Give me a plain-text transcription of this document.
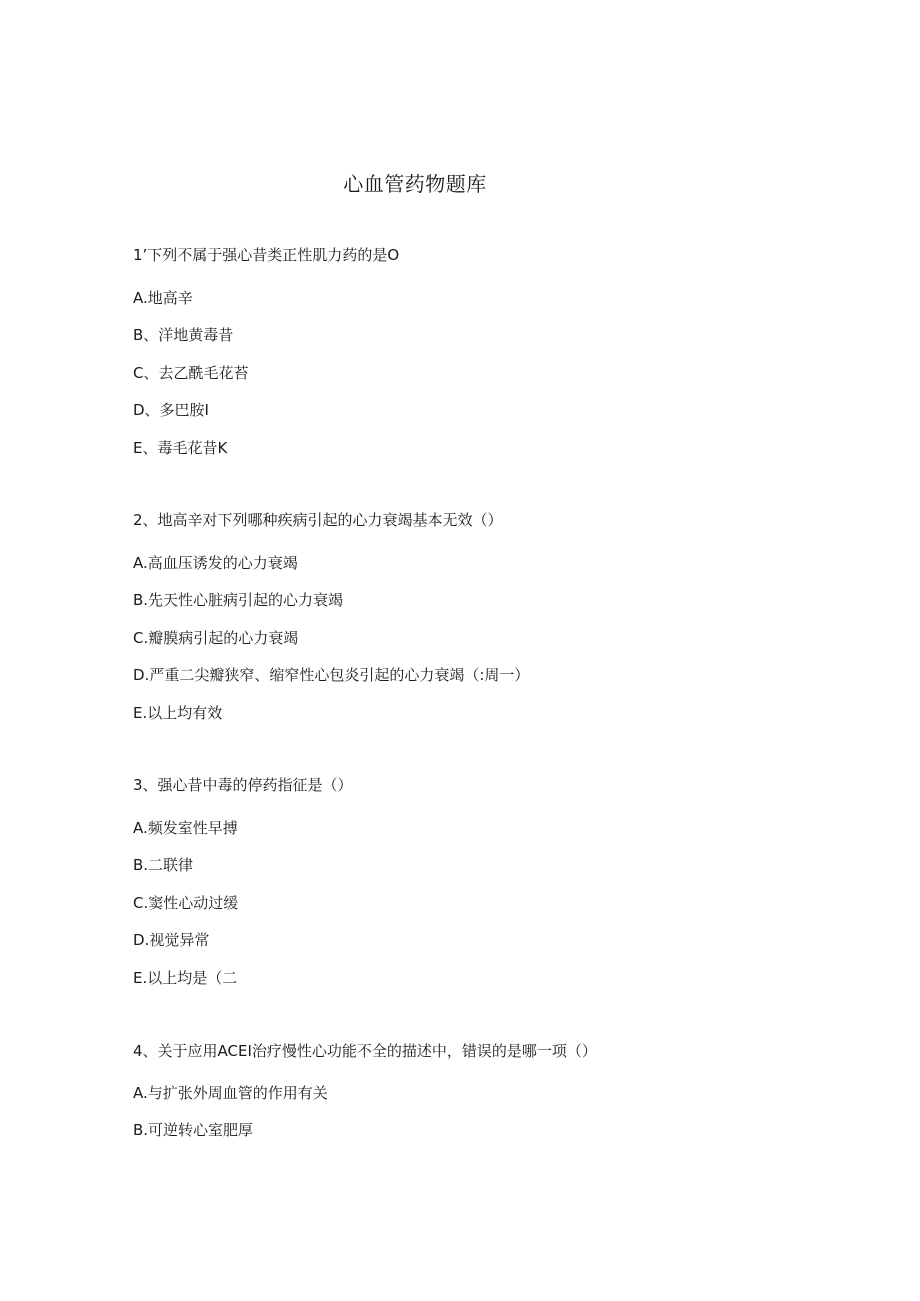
心血管药物题库
1’下列不属于强心昔类正性肌力药的是O
A.地高辛
B、洋地黄毒昔
C、去乙酰毛花苔
D、多巴胺I
E、毒毛花昔K
2、地高辛对下列哪种疾病引起的心力衰竭基本无效（）
A.高血压诱发的心力衰竭
B.先天性心脏病引起的心力衰竭
C.瓣膜病引起的心力衰竭
D.严重二尖瓣狭窄、缩窄性心包炎引起的心力衰竭（:周一）
E.以上均有效
3、强心昔中毒的停药指征是（）
A.频发室性早搏
B.二联律
C.窦性心动过缓
D.视觉异常
E.以上均是（二
4、关于应用ACEI治疗慢性心功能不全的描述中，错误的是哪一项（）
A.与扩张外周血管的作用有关
B.可逆转心室肥厚
